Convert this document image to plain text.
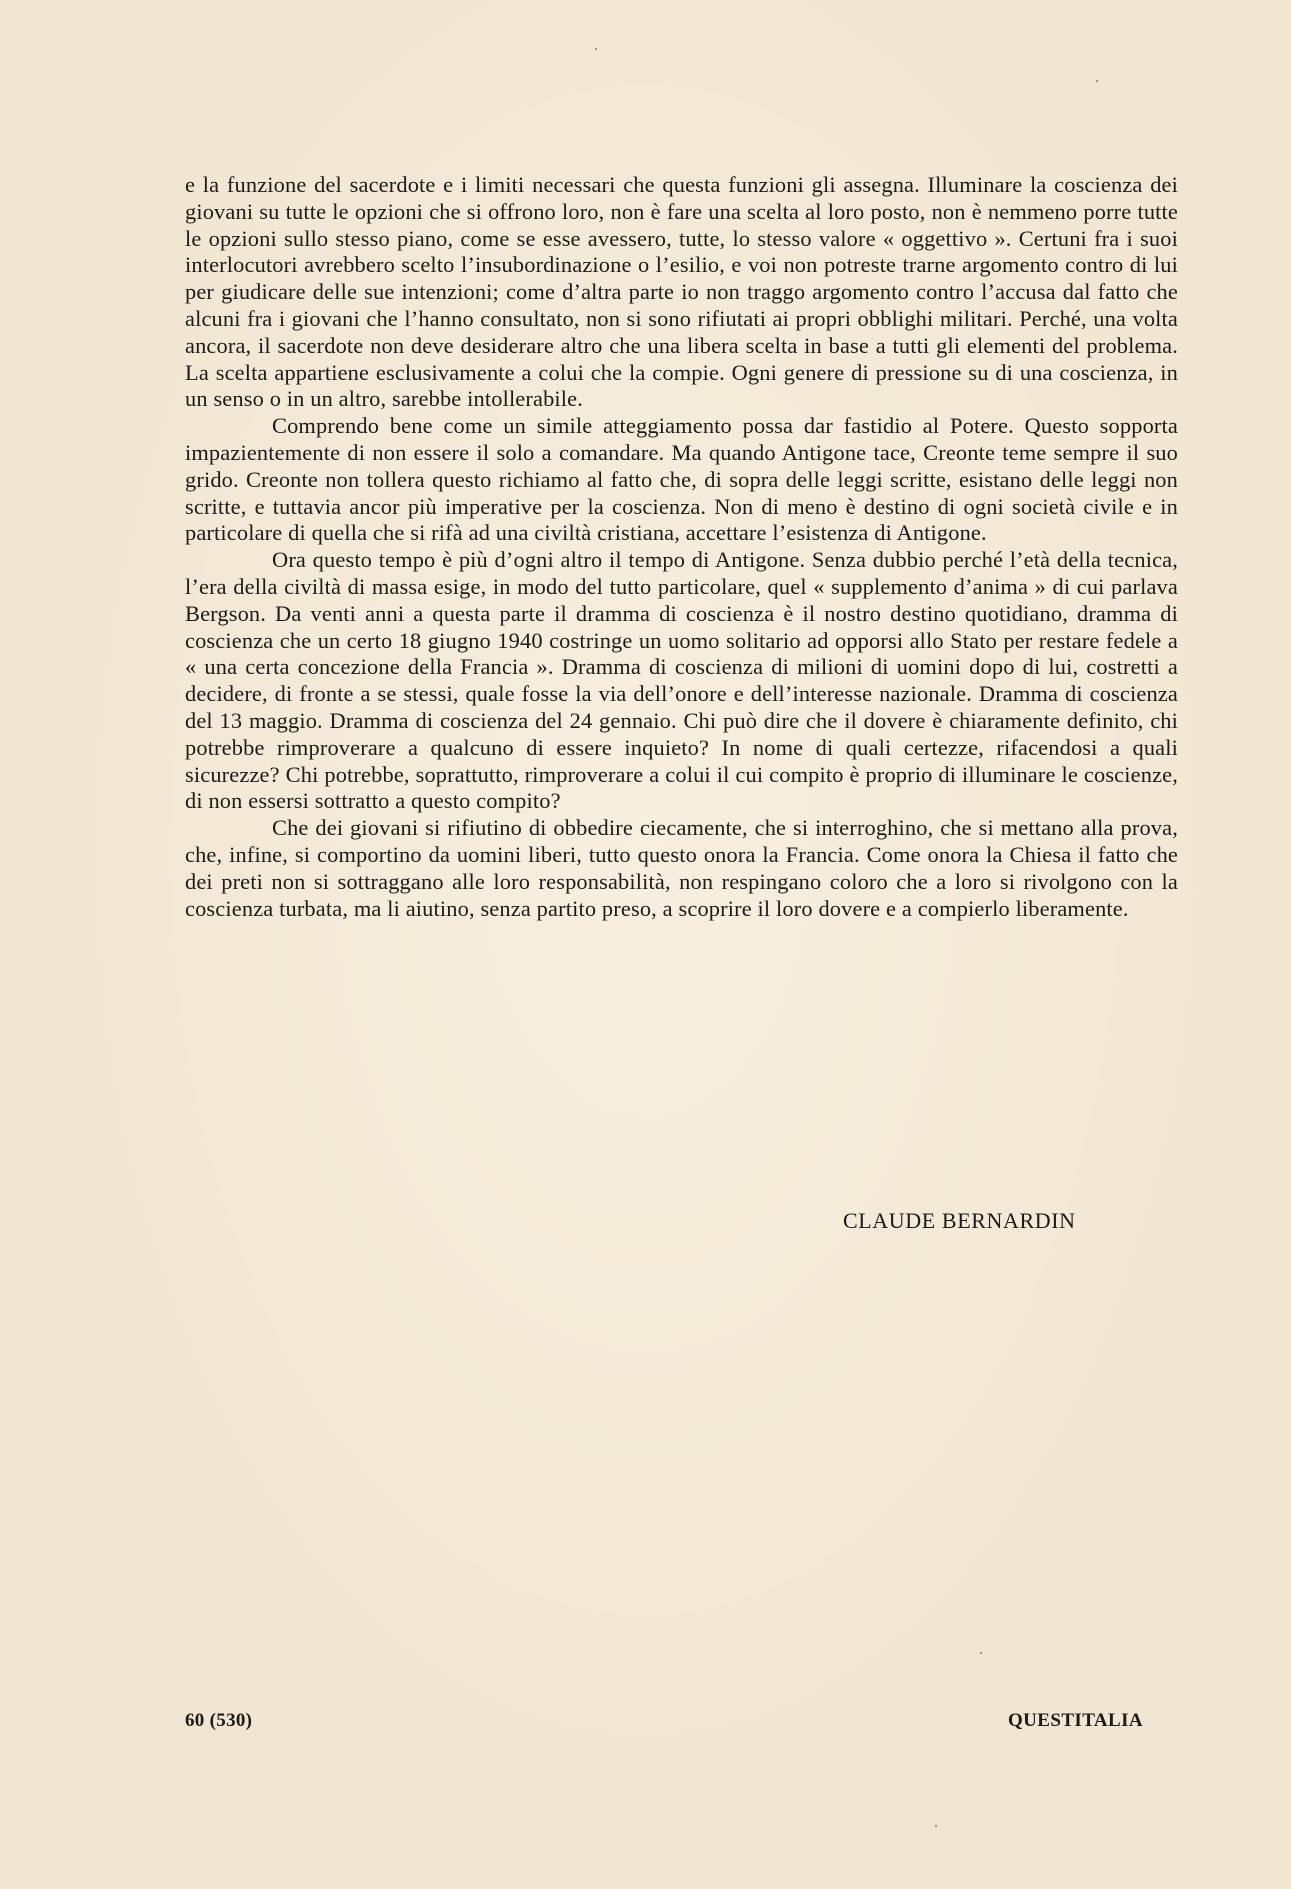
e la funzione del sacerdote e i limiti necessari che questa funzioni gli assegna. Illuminare la coscienza dei giovani su tutte le opzioni che si offrono loro, non è fare una scelta al loro posto, non è nemmeno porre tutte le opzioni sullo stesso piano, come se esse avessero, tutte, lo stesso valore « oggettivo ». Certuni fra i suoi interlocutori avrebbero scelto l’insubordinazione o l’esilio, e voi non potreste trarne argomento contro di lui per giudicare delle sue intenzioni; come d’altra parte io non traggo argomento contro l’accusa dal fatto che alcuni fra i giovani che l’hanno consultato, non si sono rifiutati ai propri obblighi militari. Perché, una volta ancora, il sacerdote non deve desiderare altro che una libera scelta in base a tutti gli elementi del problema. La scelta appartiene esclusivamente a colui che la compie. Ogni genere di pressione su di una coscienza, in un senso o in un altro, sarebbe intollerabile.

Comprendo bene come un simile atteggiamento possa dar fastidio al Potere. Questo sopporta impazientemente di non essere il solo a comandare. Ma quando Antigone tace, Creonte teme sempre il suo grido. Creonte non tollera questo richiamo al fatto che, di sopra delle leggi scritte, esistano delle leggi non scritte, e tuttavia ancor più imperative per la coscienza. Non di meno è destino di ogni società civile e in particolare di quella che si rifà ad una civiltà cristiana, accettare l’esistenza di Antigone.

Ora questo tempo è più d’ogni altro il tempo di Antigone. Senza dubbio perché l’età della tecnica, l’era della civiltà di massa esige, in modo del tutto particolare, quel « supplemento d’anima » di cui parlava Bergson. Da venti anni a questa parte il dramma di coscienza è il nostro destino quotidiano, dramma di coscienza che un certo 18 giugno 1940 costringe un uomo solitario ad opporsi allo Stato per restare fedele a « una certa concezione della Francia ». Dramma di coscienza di milioni di uomini dopo di lui, costretti a decidere, di fronte a se stessi, quale fosse la via dell’onore e dell’interesse nazionale. Dramma di coscienza del 13 maggio. Dramma di coscienza del 24 gennaio. Chi può dire che il dovere è chiaramente definito, chi potrebbe rimproverare a qualcuno di essere inquieto? In nome di quali certezze, rifacendosi a quali sicurezze? Chi potrebbe, soprattutto, rimproverare a colui il cui compito è proprio di illuminare le coscienze, di non essersi sottratto a questo compito?

Che dei giovani si rifiutino di obbedire ciecamente, che si interroghino, che si mettano alla prova, che, infine, si comportino da uomini liberi, tutto questo onora la Francia. Come onora la Chiesa il fatto che dei preti non si sottraggano alle loro responsabilità, non respingano coloro che a loro si rivolgono con la coscienza turbata, ma li aiutino, senza partito preso, a scoprire il loro dovere e a compierlo liberamente.

CLAUDE BERNARDIN
60 (530)	QUESTITALIA
